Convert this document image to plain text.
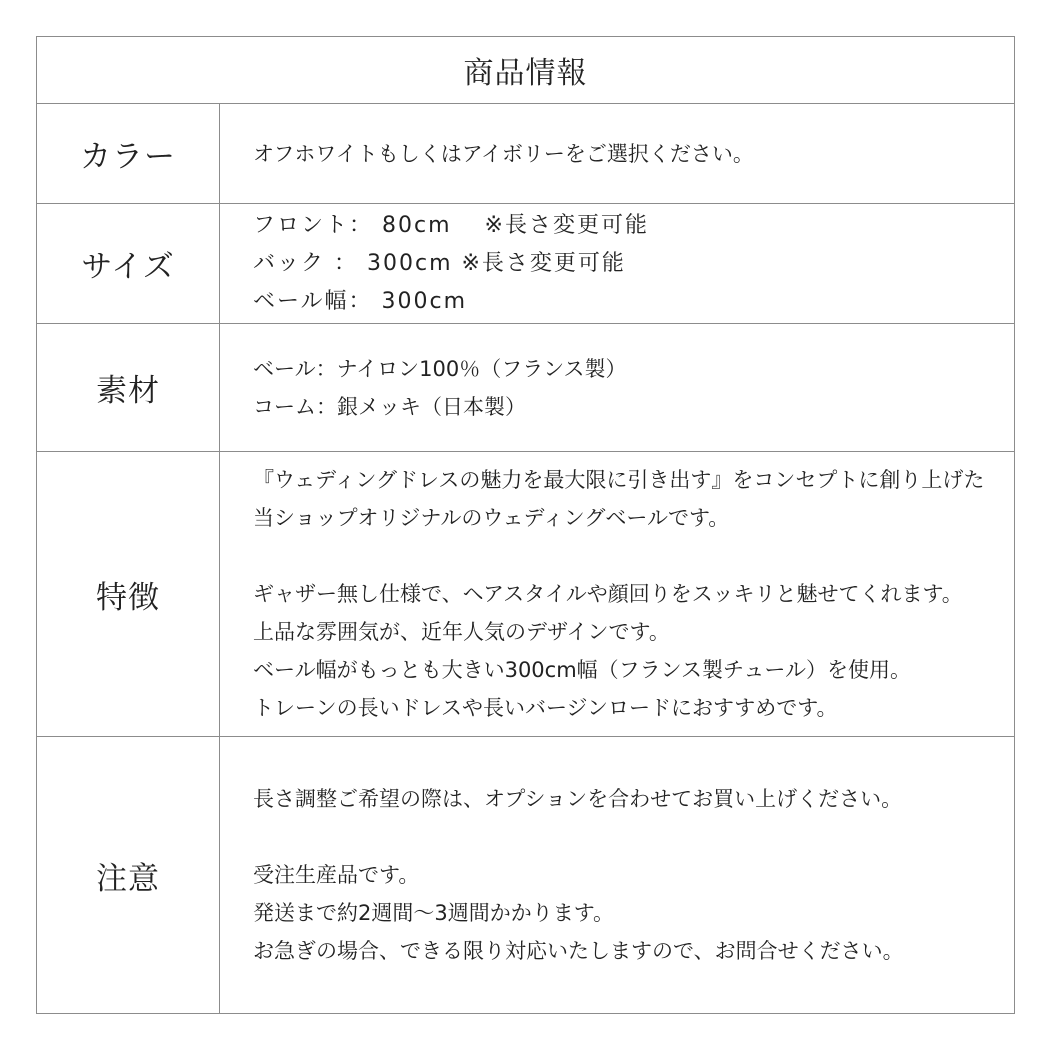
商品情報
カラー	オフホワイトもしくはアイボリーをご選択ください。
サイズ
フロント： 80cm　 ※長さ変更可能
バック ： 300cm ※長さ変更可能
ベール幅： 300cm
素材
ベール：ナイロン100％（フランス製）
コーム：銀メッキ（日本製）
特徴
『ウェディングドレスの魅力を最大限に引き出す』をコンセプトに創り上げた
当ショップオリジナルのウェディングベールです。
ギャザー無し仕様で、ヘアスタイルや顔回りをスッキリと魅せてくれます。
上品な雰囲気が、近年人気のデザインです。
ベール幅がもっとも大きい300cm幅（フランス製チュール）を使用。
トレーンの長いドレスや長いバージンロードにおすすめです。
注意
長さ調整ご希望の際は、オプションを合わせてお買い上げください。
受注生産品です。
発送まで約2週間〜3週間かかります。
お急ぎの場合、できる限り対応いたしますので、お問合せください。
